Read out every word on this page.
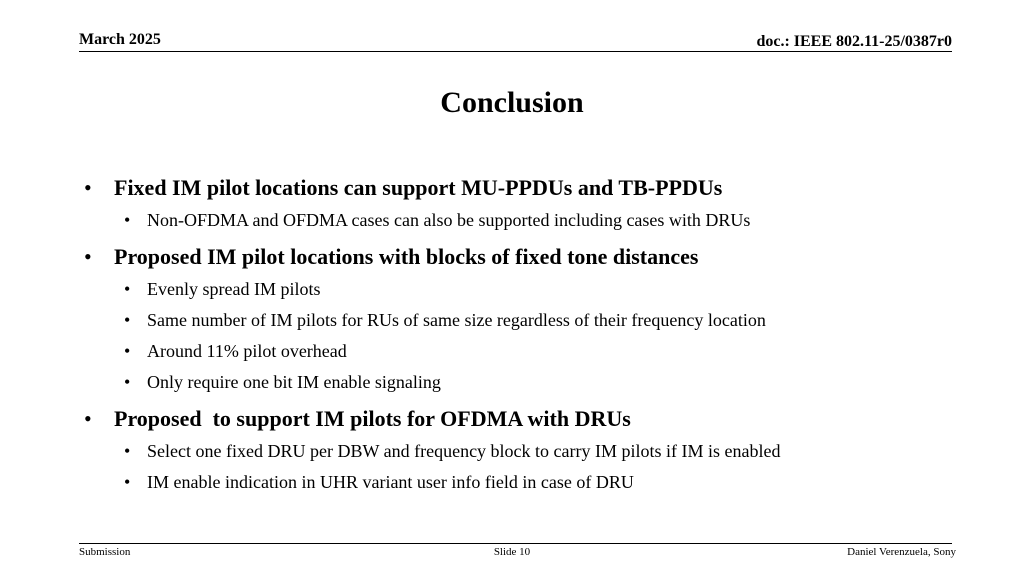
March 2025	doc.: IEEE 802.11-25/0387r0
Conclusion
• Fixed IM pilot locations can support MU-PPDUs and TB-PPDUs
• Non-OFDMA and OFDMA cases can also be supported including cases with DRUs
• Proposed IM pilot locations with blocks of fixed tone distances
• Evenly spread IM pilots
• Same number of IM pilots for RUs of same size regardless of their frequency location
• Around 11% pilot overhead
• Only require one bit IM enable signaling
• Proposed  to support IM pilots for OFDMA with DRUs
• Select one fixed DRU per DBW and frequency block to carry IM pilots if IM is enabled
• IM enable indication in UHR variant user info field in case of DRU
Submission	Slide 10	Daniel Verenzuela, Sony
